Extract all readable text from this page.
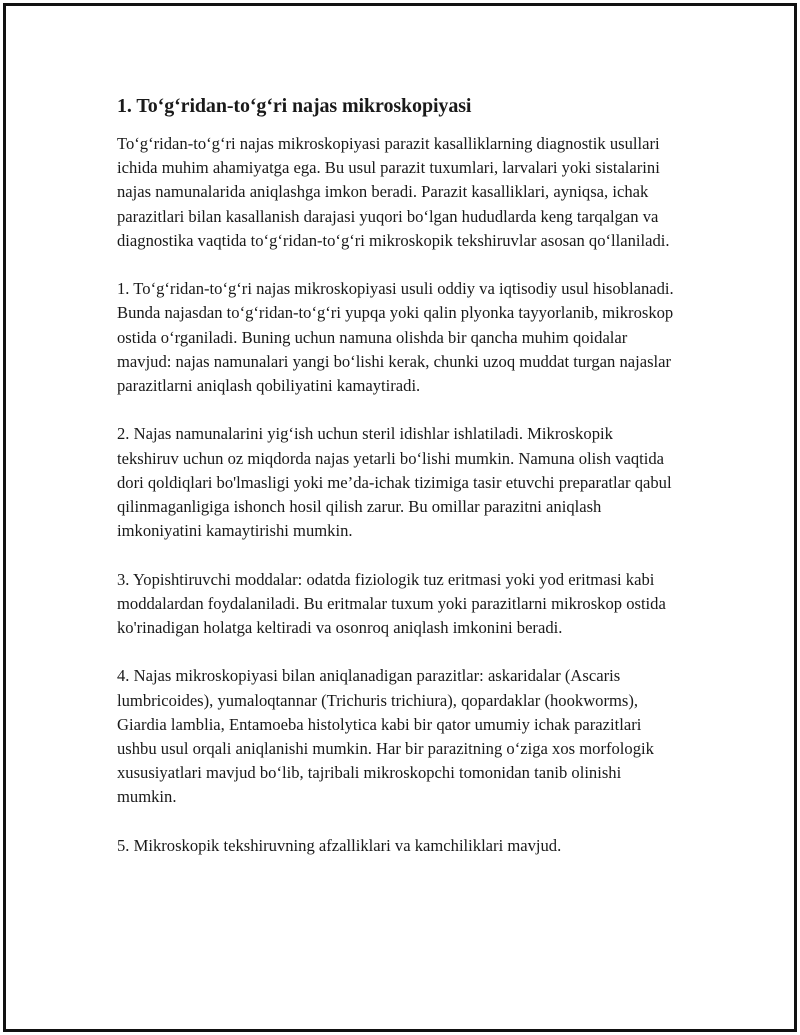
1. To‘g‘ridan-to‘g‘ri najas mikroskopiyasi

To‘g‘ridan-to‘g‘ri najas mikroskopiyasi parazit kasalliklarning diagnostik usullari ichida muhim ahamiyatga ega. Bu usul parazit tuxumlari, larvalari yoki sistalarini najas namunalarida aniqlashga imkon beradi. Parazit kasalliklari, ayniqsa, ichak parazitlari bilan kasallanish darajasi yuqori bo‘lgan hududlarda keng tarqalgan va diagnostika vaqtida to‘g‘ridan-to‘g‘ri mikroskopik tekshiruvlar asosan qo‘llaniladi.

1. To‘g‘ridan-to‘g‘ri najas mikroskopiyasi usuli oddiy va iqtisodiy usul hisoblanadi. Bunda najasdan to‘g‘ridan-to‘g‘ri yupqa yoki qalin plyonka tayyorlanib, mikroskop ostida o‘rganiladi. Buning uchun namuna olishda bir qancha muhim qoidalar mavjud: najas namunalari yangi bo‘lishi kerak, chunki uzoq muddat turgan najaslar parazitlarni aniqlash qobiliyatini kamaytiradi.

2. Najas namunalarini yig‘ish uchun steril idishlar ishlatiladi. Mikroskopik tekshiruv uchun oz miqdorda najas yetarli bo‘lishi mumkin. Namuna olish vaqtida dori qoldiqlari bo'lmasligi yoki me’da-ichak tizimiga tasir etuvchi preparatlar qabul qilinmaganligiga ishonch hosil qilish zarur. Bu omillar parazitni aniqlash imkoniyatini kamaytirishi mumkin.

3. Yopishtiruvchi moddalar: odatda fiziologik tuz eritmasi yoki yod eritmasi kabi moddalardan foydalaniladi. Bu eritmalar tuxum yoki parazitlarni mikroskop ostida ko'rinadigan holatga keltiradi va osonroq aniqlash imkonini beradi.

4. Najas mikroskopiyasi bilan aniqlanadigan parazitlar: askaridalar (Ascaris lumbricoides), yumaloqtannar (Trichuris trichiura), qopardaklar (hookworms), Giardia lamblia, Entamoeba histolytica kabi bir qator umumiy ichak parazitlari ushbu usul orqali aniqlanishi mumkin. Har bir parazitning o‘ziga xos morfologik xususiyatlari mavjud bo‘lib, tajribali mikroskopchi tomonidan tanib olinishi mumkin.

5. Mikroskopik tekshiruvning afzalliklari va kamchiliklari mavjud.
